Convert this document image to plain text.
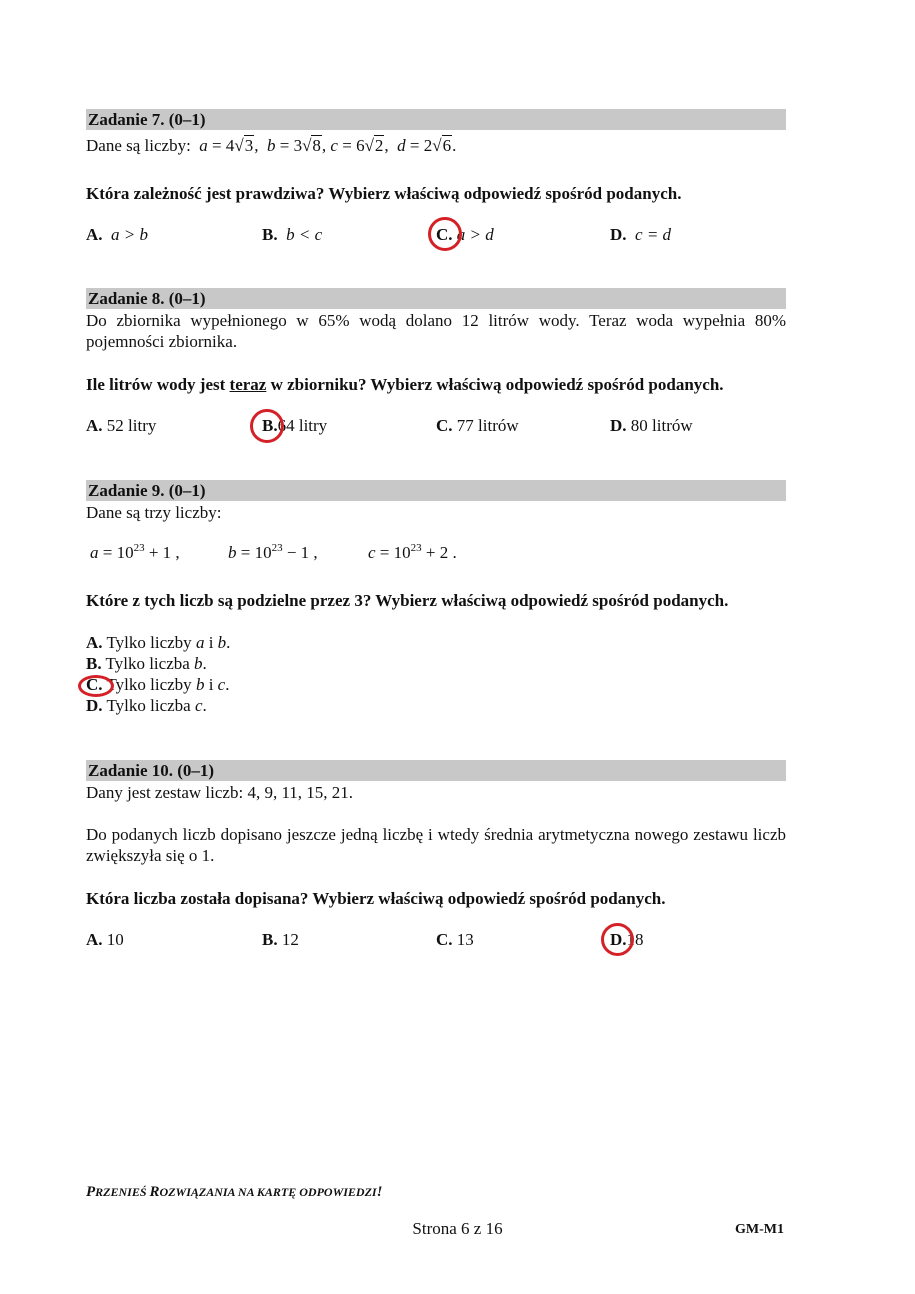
Zadanie 7. (0–1)
Dane są liczby: a = 4√3,  b = 3√8, c = 6√2,  d = 2√6.
Która zależność jest prawdziwa? Wybierz właściwą odpowiedź spośród podanych.
A. a > b	B. b < c	C. a > d	D. c = d
Zadanie 8. (0–1)
Do zbiornika wypełnionego w 65% wodą dolano 12 litrów wody. Teraz woda wypełnia 80% pojemności zbiornika.
Ile litrów wody jest teraz w zbiorniku? Wybierz właściwą odpowiedź spośród podanych.
A. 52 litry	B.64 litry	C. 77 litrów	D. 80 litrów
Zadanie 9. (0–1)
Dane są trzy liczby:
$a = 10^{23} + 1$ ,	$b = 10^{23} - 1$ ,	$c = 10^{23} + 2$ .
Które z tych liczb są podzielne przez 3? Wybierz właściwą odpowiedź spośród podanych.
A. Tylko liczby a i b.
B. Tylko liczba b.
C. Tylko liczby b i c.
D. Tylko liczba c.
Zadanie 10. (0–1)
Dany jest zestaw liczb: 4, 9, 11, 15, 21.
Do podanych liczb dopisano jeszcze jedną liczbę i wtedy średnia arytmetyczna nowego zestawu liczb zwiększyła się o 1.
Która liczba została dopisana? Wybierz właściwą odpowiedź spośród podanych.
A. 10	B. 12	C. 13	D.18
PRZENIEŚ ROZWIĄZANIA NA KARTĘ ODPOWIEDZI!
Strona 6 z 16	GM-M1
